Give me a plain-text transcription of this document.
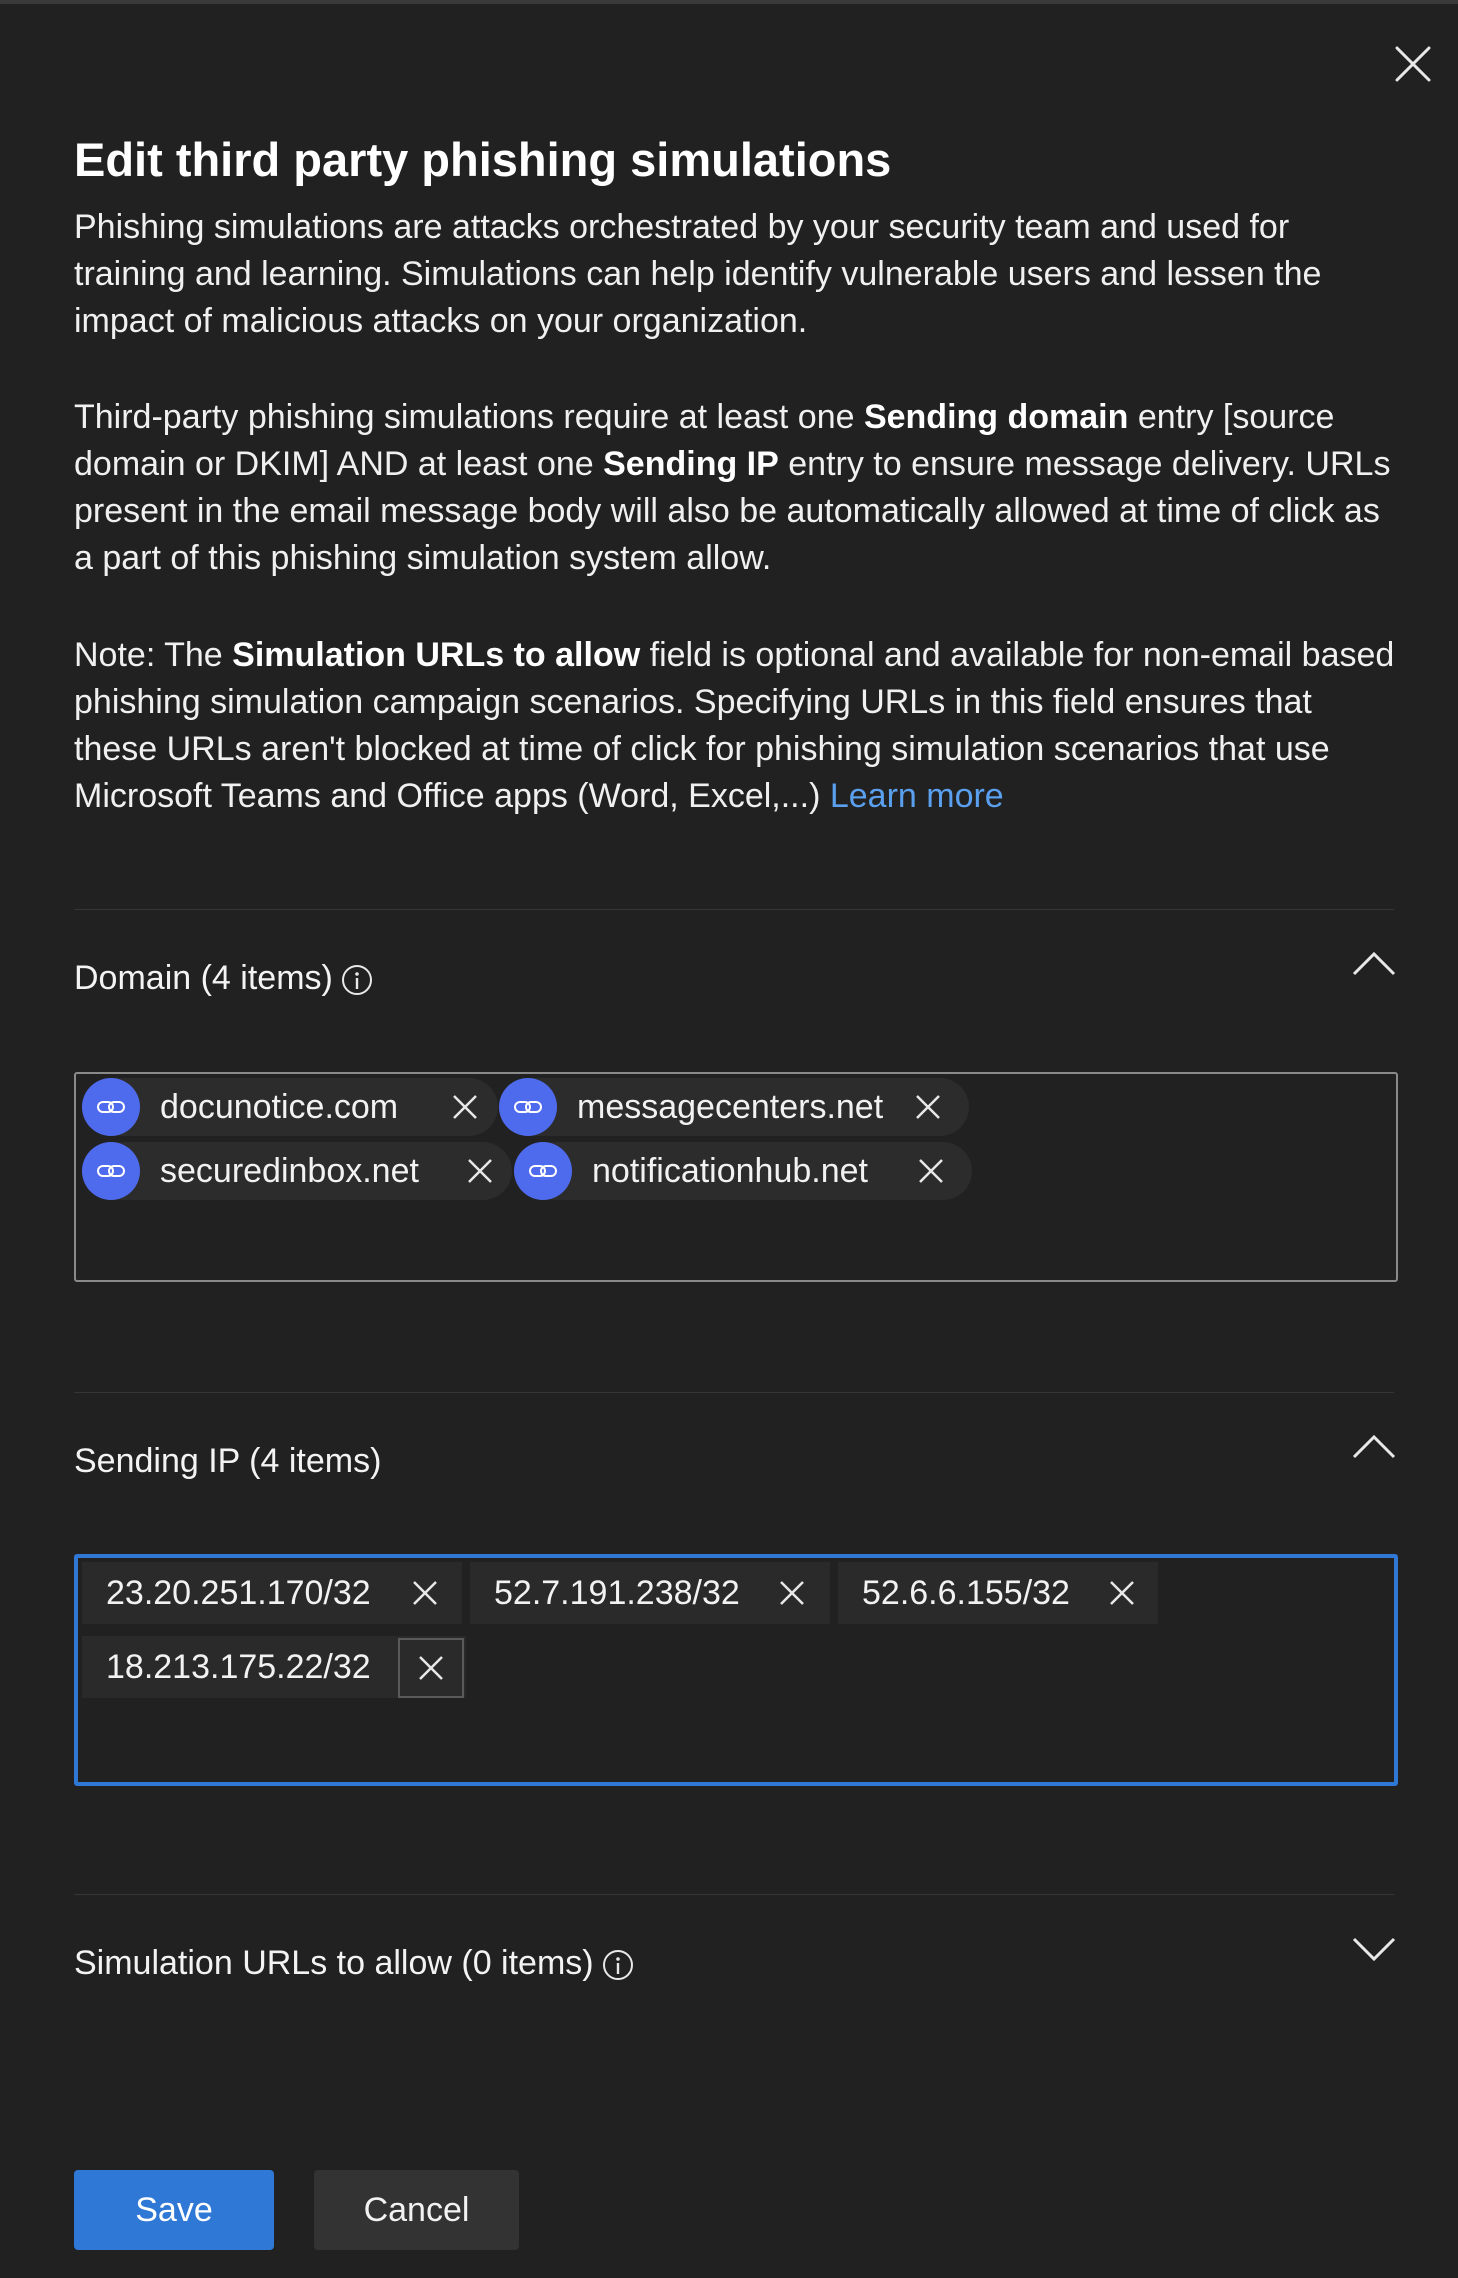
Edit third party phishing simulations

Phishing simulations are attacks orchestrated by your security team and used for training and learning. Simulations can help identify vulnerable users and lessen the impact of malicious attacks on your organization.

Third-party phishing simulations require at least one Sending domain entry [source domain or DKIM] AND at least one Sending IP entry to ensure message delivery. URLs present in the email message body will also be automatically allowed at time of click as a part of this phishing simulation system allow.

Note: The Simulation URLs to allow field is optional and available for non-email based phishing simulation campaign scenarios. Specifying URLs in this field ensures that these URLs aren't blocked at time of click for phishing simulation scenarios that use Microsoft Teams and Office apps (Word, Excel,...) Learn more

Domain (4 items)
docunotice.com	messagecenters.net
securedinbox.net	notificationhub.net
Sending IP (4 items)
23.20.251.170/32	52.7.191.238/32	52.6.6.155/32
18.213.175.22/32
Simulation URLs to allow (0 items)
Save	Cancel
